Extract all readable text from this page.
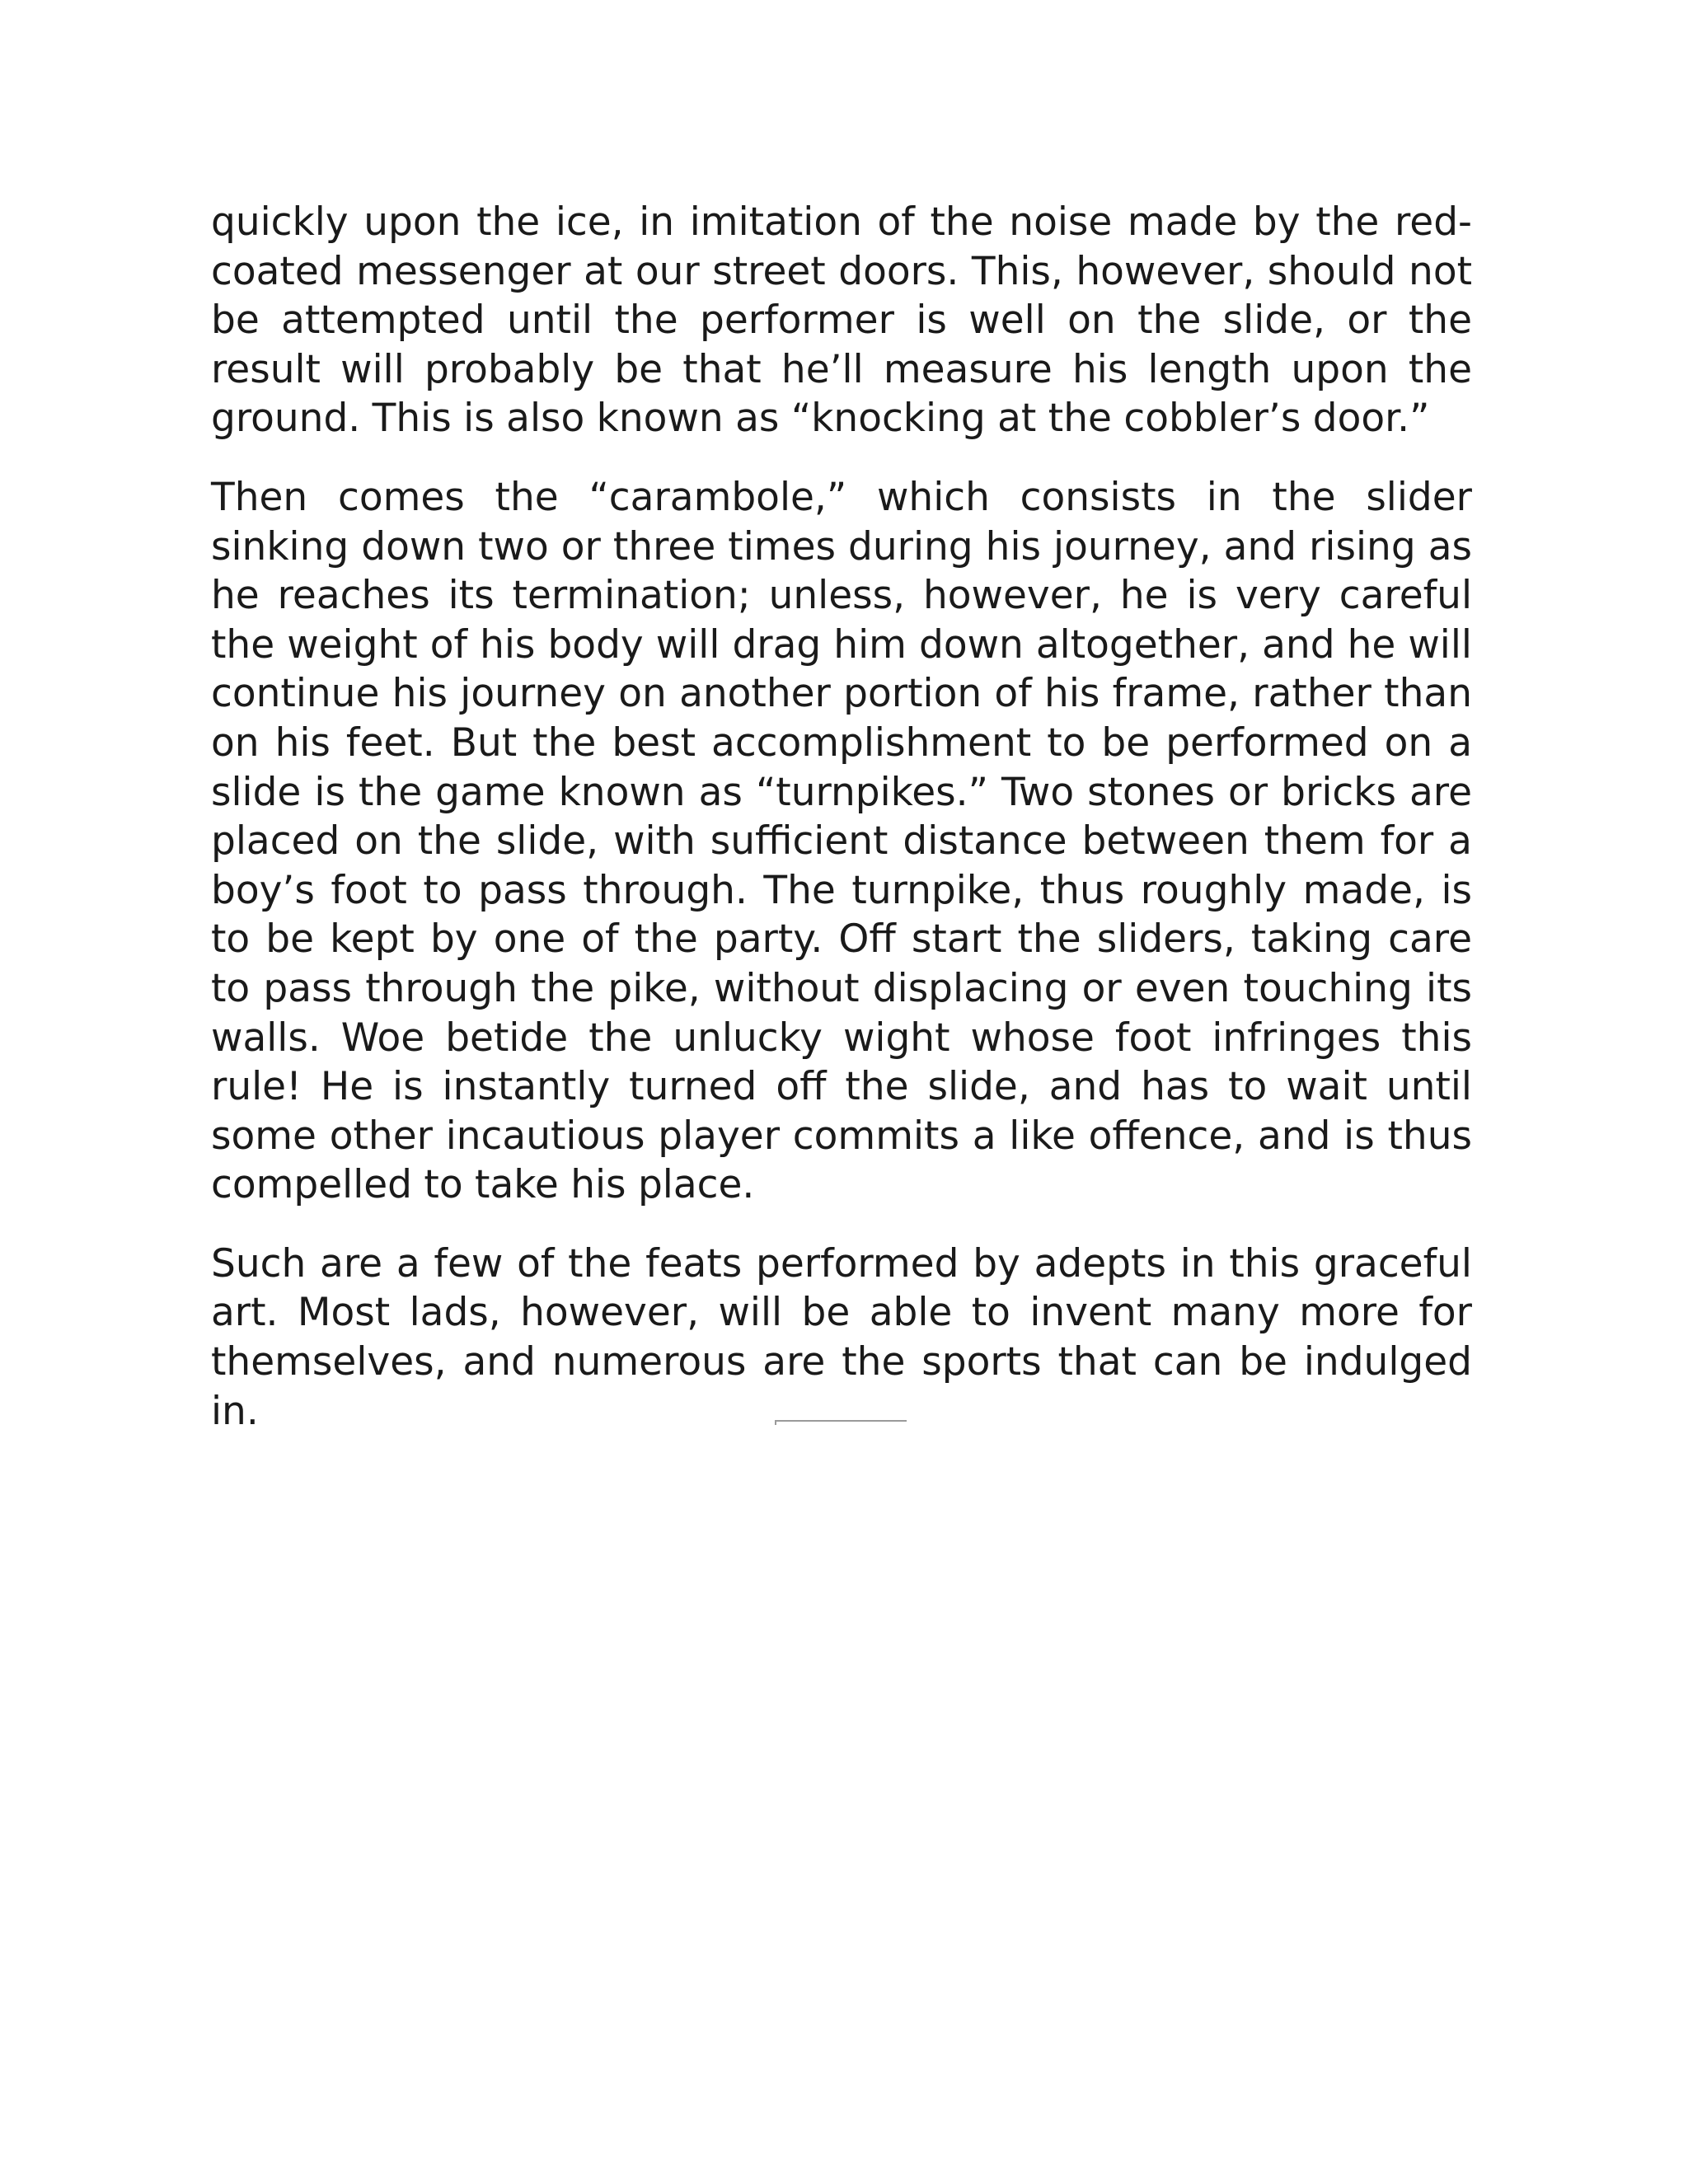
quickly upon the ice, in imitation of the noise made by the red-coated messenger at our street doors. This, however, should not be attempted until the performer is well on the slide, or the result will probably be that he’ll measure his length upon the ground. This is also known as “knocking at the cobbler’s door.”

Then comes the “carambole,” which consists in the slider sinking down two or three times during his journey, and rising as he reaches its termination; unless, however, he is very careful the weight of his body will drag him down altogether, and he will continue his journey on another portion of his frame, rather than on his feet. But the best accomplishment to be performed on a slide is the game known as “turnpikes.” Two stones or bricks are placed on the slide, with sufficient distance between them for a boy’s foot to pass through. The turnpike, thus roughly made, is to be kept by one of the party. Off start the sliders, taking care to pass through the pike, without displacing or even touching its walls. Woe betide the unlucky wight whose foot infringes this rule! He is instantly turned off the slide, and has to wait until some other incautious player commits a like offence, and is thus compelled to take his place.

Such are a few of the feats performed by adepts in this graceful art. Most lads, however, will be able to invent many more for themselves, and numerous are the sports that can be indulged in.
